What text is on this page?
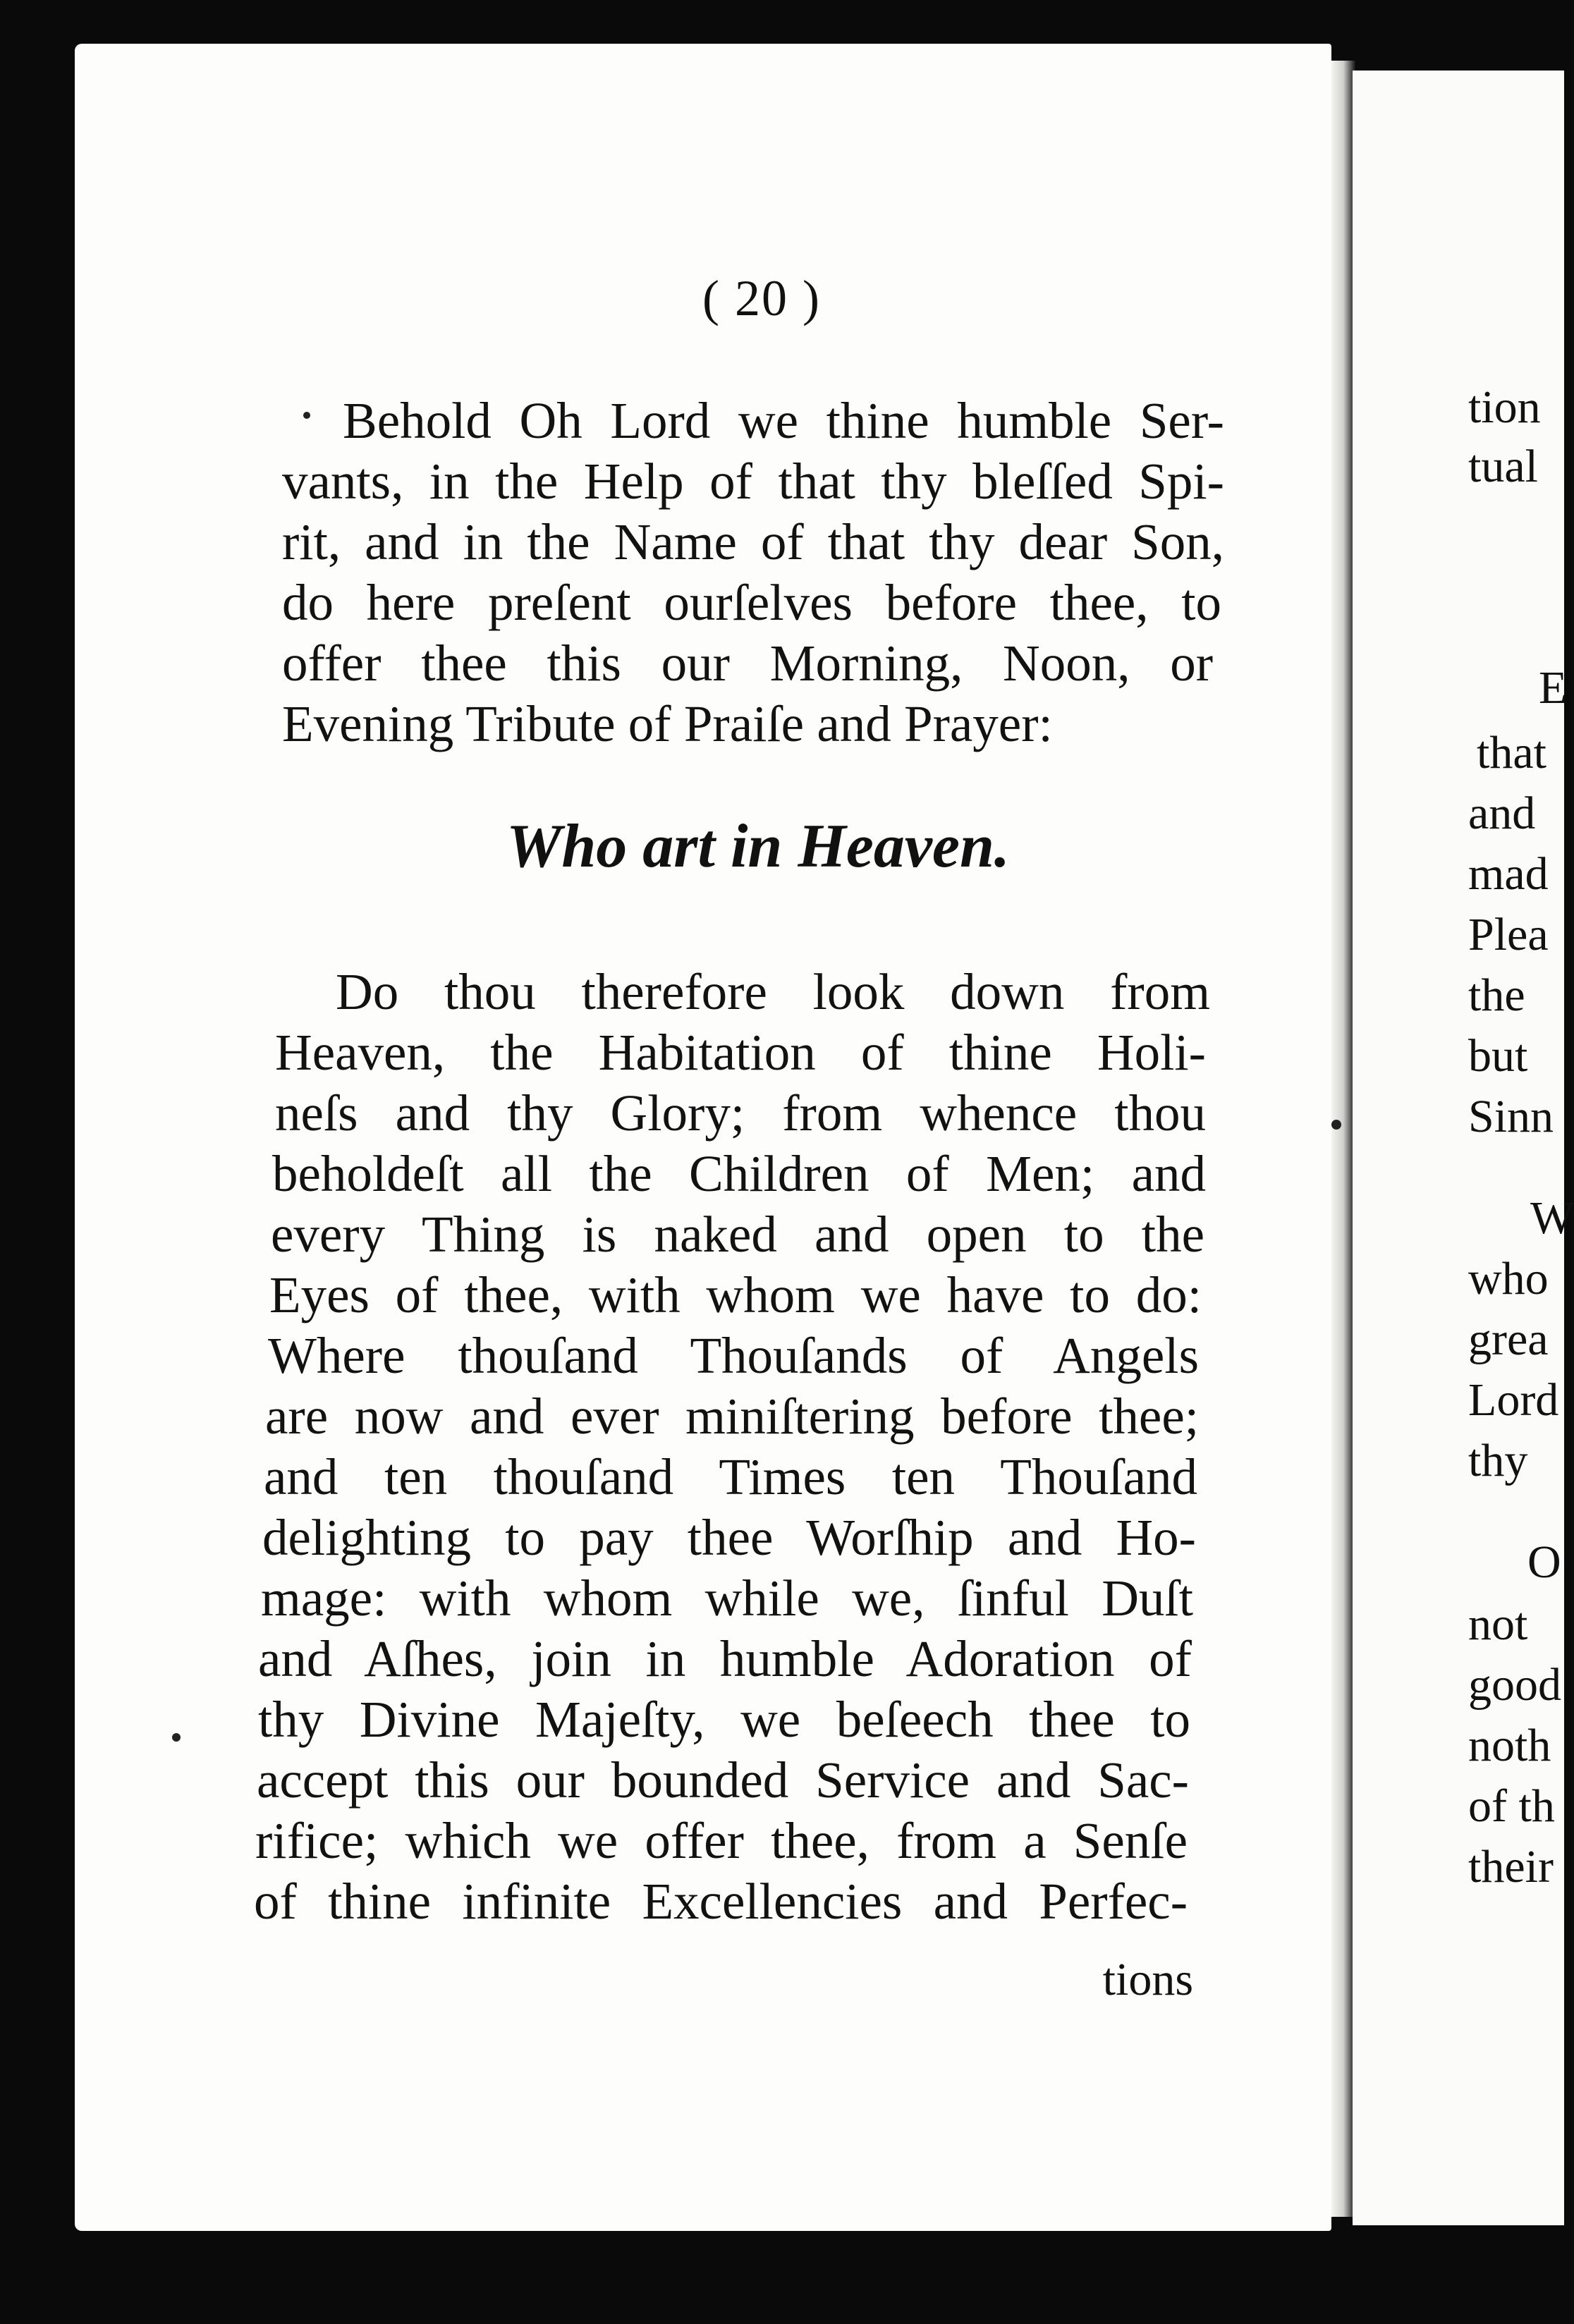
( 20 )
Behold Oh Lord we thine humble Ser-
vants, in the Help of that thy bleſſed Spi-
rit, and in the Name of that thy dear Son,
do here preſent ourſelves before thee, to
offer thee this our Morning, Noon, or
Evening Tribute of Praiſe and Prayer:
Who art in Heaven.
Do thou therefore look down from
Heaven, the Habitation of thine Holi-
neſs and thy Glory; from whence thou
beholdeſt all the Children of Men; and
every Thing is naked and open to the
Eyes of thee, with whom we have to do:
Where thouſand Thouſands of Angels
are now and ever miniſtering before thee;
and ten thouſand Times ten Thouſand
delighting to pay thee Worſhip and Ho-
mage: with whom while we, ſinful Duſt
and Aſhes, join in humble Adoration of
thy Divine Majeſty, we beſeech thee to
accept this our bounded Service and Sac-
rifice; which we offer thee, from a Senſe
of thine infinite Excellencies and Perfec-
tions
tion
tual
E
that
and
mad
Plea
the
but
Sinn
W
who
grea
Lord
thy
O
not
good
noth
of th
their
